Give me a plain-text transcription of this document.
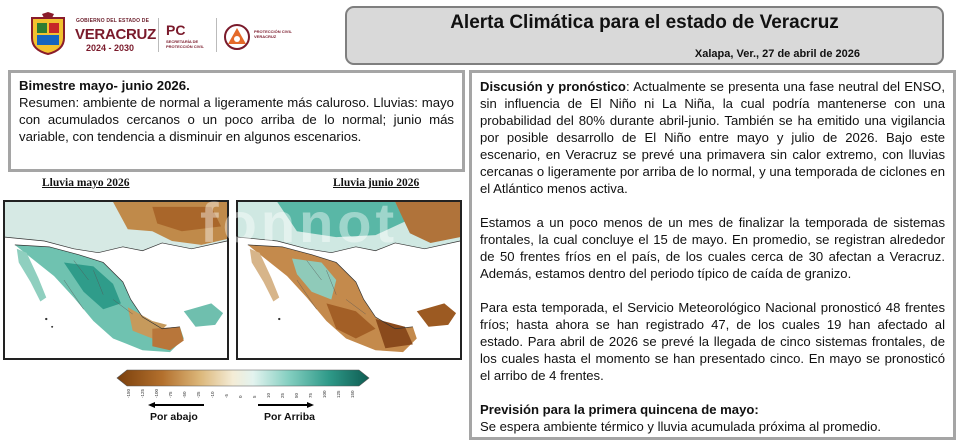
GOBIERNO DEL ESTADO DE
VERACRUZ
2024 - 2030
PC
SECRETARÍA DE PROTECCIÓN CIVIL
PROTECCIÓN CIVIL VERACRUZ
Alerta Climática para el estado de Veracruz
Xalapa, Ver., 27 de abril de 2026
Bimestre mayo- junio 2026.
Resumen: ambiente de normal a ligeramente más caluroso. Lluvias: mayo con acumulados cercanos o un poco arriba de lo normal; junio más variable, con tendencia a disminuir en algunos escenarios.
Lluvia mayo 2026	Lluvia junio 2026
-150 -125 -100 -75 -50 -25 -10 -5 0 5 10 25 50 75 100 125 150
Por abajo	Por Arriba
fonnot

Discusión y pronóstico: Actualmente se presenta una fase neutral del ENSO, sin influencia de El Niño ni La Niña, la cual podría mantenerse con una probabilidad del 80% durante abril-junio. También se ha emitido una vigilancia por posible desarrollo de El Niño entre mayo y julio de 2026. Bajo este escenario, en Veracruz se prevé una primavera sin calor extremo, con lluvias cercanas o ligeramente por arriba de lo normal, y una temporada de ciclones en el Atlántico menos activa.

Estamos a un poco menos de un mes de finalizar la temporada de sistemas frontales, la cual concluye el 15 de mayo. En promedio, se registran alrededor de 50 frentes fríos en el país, de los cuales cerca de 30 afectan a Veracruz. Además, estamos dentro del periodo típico de caída de granizo.

Para esta temporada, el Servicio Meteorológico Nacional pronosticó 48 frentes fríos; hasta ahora se han registrado 47, de los cuales 19 han afectado al estado. Para abril de 2026 se prevé la llegada de cinco sistemas frontales, de los cuales hasta el momento se han presentado cinco. En mayo se pronosticó el arribo de 4 frentes.

Previsión para la primera quincena de mayo:
Se espera ambiente térmico y lluvia acumulada próxima al promedio.
